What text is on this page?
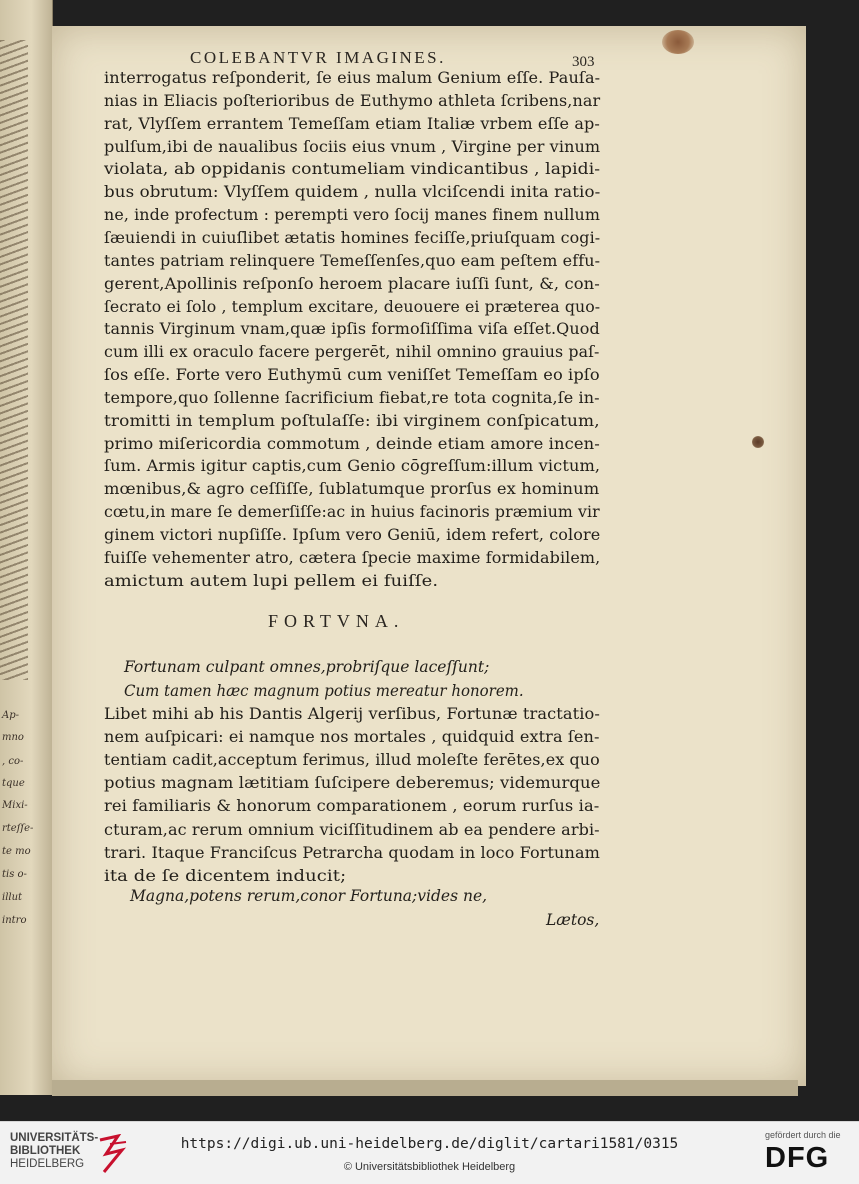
Ap-
mno
, co-
tque
Mixi-
rteſſe-
te mo
tis o-
illut
intro
COLEBANTVR IMAGINES.	303
FORTVNA.
Fortunam culpant omnes,probriſque laceſſunt;
Cum tamen hæc magnum potius mereatur honorem.
Magna,potens rerum,conor Fortuna;vides ne,
Lætos,
interrogatus reſponderit, ſe eius malum Genium eſſe. Pauſa-
nias in Eliacis poſterioribus de Euthymo athleta ſcribens,nar
rat, Vlyſſem errantem Temeſſam etiam Italiæ vrbem eſſe ap-
pulſum,ibi de naualibus ſociis eius vnum , Virgine per vinum
violata, ab oppidanis contumeliam vindicantibus , lapidi-
bus obrutum: Vlyſſem quidem , nulla vlciſcendi inita ratio-
ne, inde profectum : perempti vero ſocij manes finem nullum
ſæuiendi in cuiuſlibet ætatis homines feciſſe,priuſquam cogi-
tantes patriam relinquere Temeſſenſes,quo eam peſtem effu-
gerent,Apollinis reſponſo heroem placare iuſſi ſunt, &, con-
ſecrato ei ſolo , templum excitare, deuouere ei præterea quo-
tannis Virginum vnam,quæ ipſis formoſiſſima viſa eſſet.Quod
cum illi ex oraculo facere pergerēt, nihil omnino grauius paſ-
ſos eſſe. Forte vero Euthymū cum veniſſet Temeſſam eo ipſo
tempore,quo ſollenne ſacrificium fiebat,re tota cognita,ſe in-
tromitti in templum poſtulaſſe: ibi virginem conſpicatum,
primo miſericordia commotum , deinde etiam amore incen-
ſum. Armis igitur captis,cum Genio cōgreſſum:illum victum,
mœnibus,& agro ceſſiſſe, ſublatumque prorſus ex hominum
cœtu,in mare ſe demerſiſſe:ac in huius facinoris præmium vir
ginem victori nupſiſſe. Ipſum vero Geniū, idem refert, colore
fuiſſe vehementer atro, cætera ſpecie maxime formidabilem,
amictum autem lupi pellem ei fuiſſe.
Libet mihi ab his Dantis Algerij verſibus, Fortunæ tractatio-
nem auſpicari: ei namque nos mortales , quidquid extra ſen-
tentiam cadit,acceptum ferimus, illud moleſte ferētes,ex quo
potius magnam lætitiam ſuſcipere deberemus; videmurque
rei familiaris & honorum comparationem , eorum rurſus ia-
cturam,ac rerum omnium viciſſitudinem ab ea pendere arbi-
trari. Itaque Franciſcus Petrarcha quodam in loco Fortunam
ita de ſe dicentem inducit;
UNIVERSITÄTS-
BIBLIOTHEK
HEIDELBERG
https://digi.ub.uni-heidelberg.de/diglit/cartari1581/0315
© Universitätsbibliothek Heidelberg
gefördert durch die
DFG
